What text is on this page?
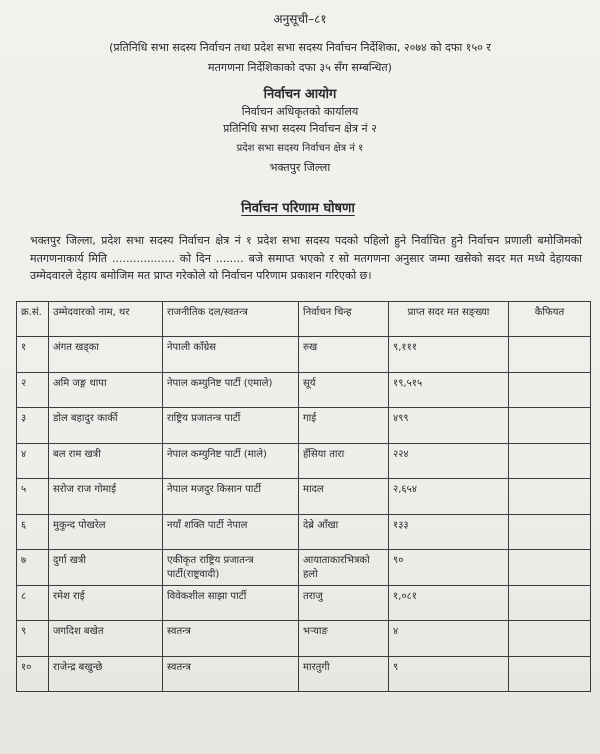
अनुसूची–८१
(प्रतिनिधि सभा सदस्य निर्वाचन तथा प्रदेश सभा सदस्य निर्वाचन निर्देशिका, २०७४ को दफा १५० र
मतगणना निर्देशिकाको दफा ३५ सँग सम्बन्धित)
निर्वाचन आयोग
निर्वाचन अधिकृतको कार्यालय
प्रतिनिधि सभा सदस्य निर्वाचन क्षेत्र नं २
प्रदेश सभा सदस्य निर्वाचन क्षेत्र नं १
भक्तपुर जिल्ला
निर्वाचन परिणाम घोषणा
भक्तपुर जिल्ला, प्रदेश सभा सदस्य निर्वाचन क्षेत्र नं १ प्रदेश सभा सदस्य पदको पहिलो हुने निर्वाचित हुने निर्वाचन प्रणाली बमोजिमको मतगणनाकार्य मिति .................. को दिन ........ बजे समाप्त भएको र सो मतगणना अनुसार जम्मा खसेको सदर मत मध्ये देहायका उम्मेदवारले देहाय बमोजिम मत प्राप्त गरेकोले यो निर्वाचन परिणाम प्रकाशन गरिएको छ।
क्र.सं.	उम्मेदवारको नाम, थर	राजनीतिक दल/स्वतन्त्र	निर्वाचन चिन्ह	प्राप्त सदर मत सङ्ख्या	कैफियत
१	अंगत खड्का	नेपाली काँग्रेस	रुख	९,१११	
२	अमि जङ्ग थापा	नेपाल कम्युनिष्ट पार्टी (एमाले)	सूर्य	१९,५१५	
३	डोल बहादुर कार्की	राष्ट्रिय प्रजातन्त्र पार्टी	गाई	४९९	
४	बल राम खत्री	नेपाल कम्युनिष्ट पार्टी (माले)	हँसिया तारा	२२४	
५	सरोज राज गोमाई	नेपाल मजदुर किसान पार्टी	मादल	२,६५४	
६	मुकुन्द पोखरेल	नयाँ शक्ति पार्टी नेपाल	देब्रे आँखा	१३३	
७	दुर्गा खत्री	एकीकृत राष्ट्रिय प्रजातन्त्र पार्टी(राष्ट्रवादी)	आयाताकारभित्रको हलो	९०	
८	रमेश राई	विवेकशील साझा पार्टी	तराजु	१,०८१	
९	जगदिश बखेत	स्वतन्त्र	भऱ्याङ	४	
१०	राजेन्द्र बखुन्छे	स्वतन्त्र	मारतुगी	९	
